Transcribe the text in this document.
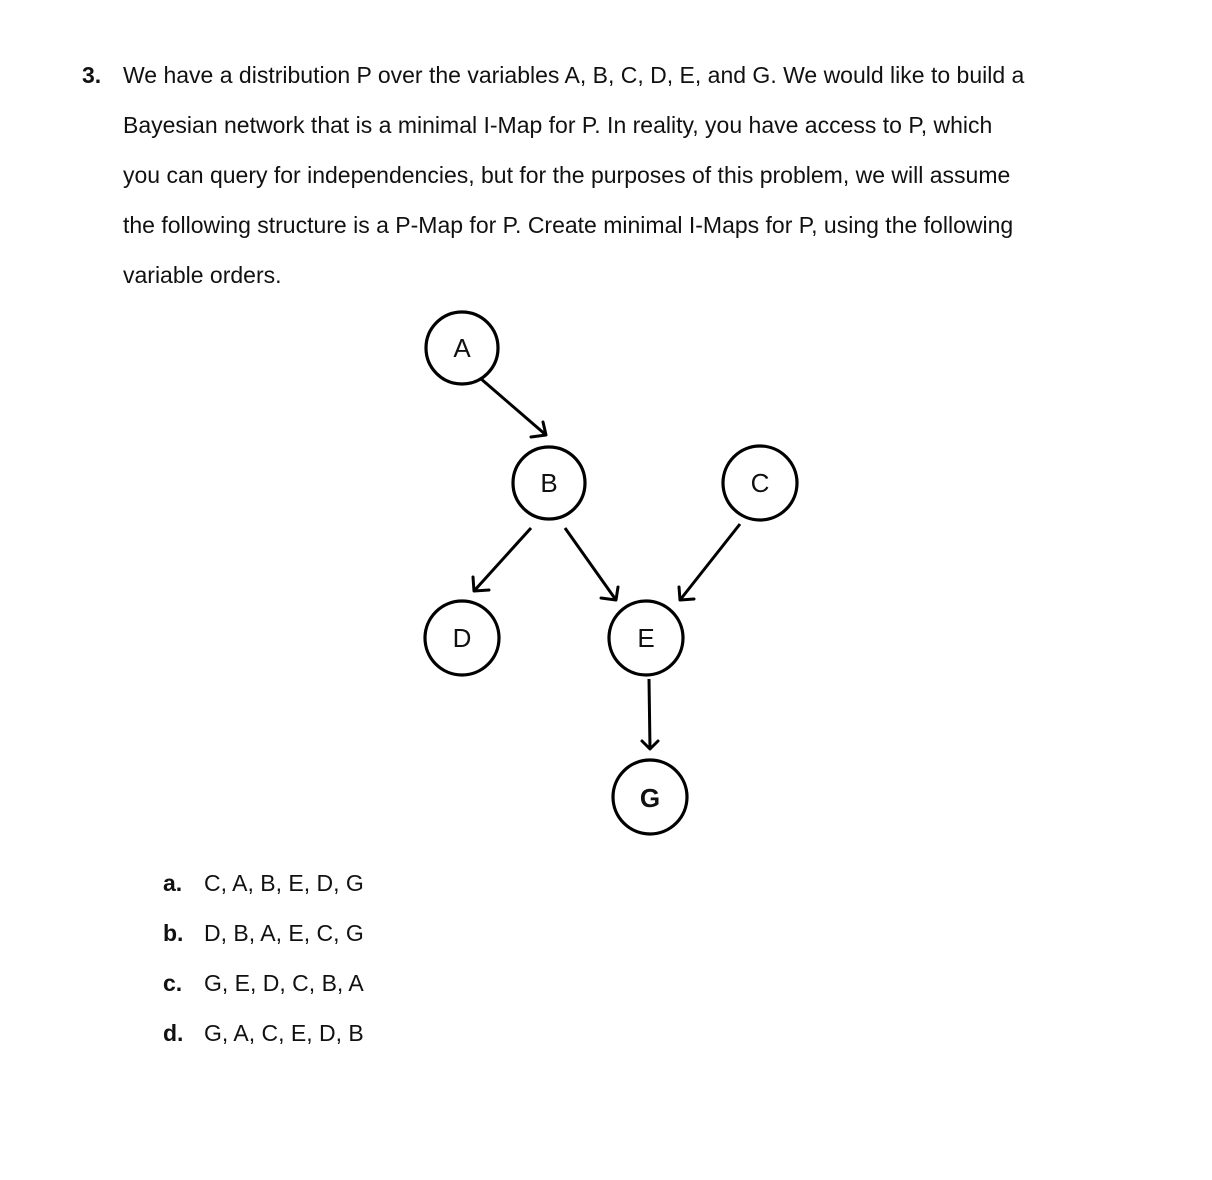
3. We have a distribution P over the variables A, B, C, D, E, and G. We would like to build a
Bayesian network that is a minimal I-Map for P. In reality, you have access to P, which
you can query for independencies, but for the purposes of this problem, we will assume
the following structure is a P-Map for P. Create minimal I-Maps for P, using the following
variable orders.
A
B	C
D	E
G
a. C, A, B, E, D, G
b. D, B, A, E, C, G
c. G, E, D, C, B, A
d. G, A, C, E, D, B
